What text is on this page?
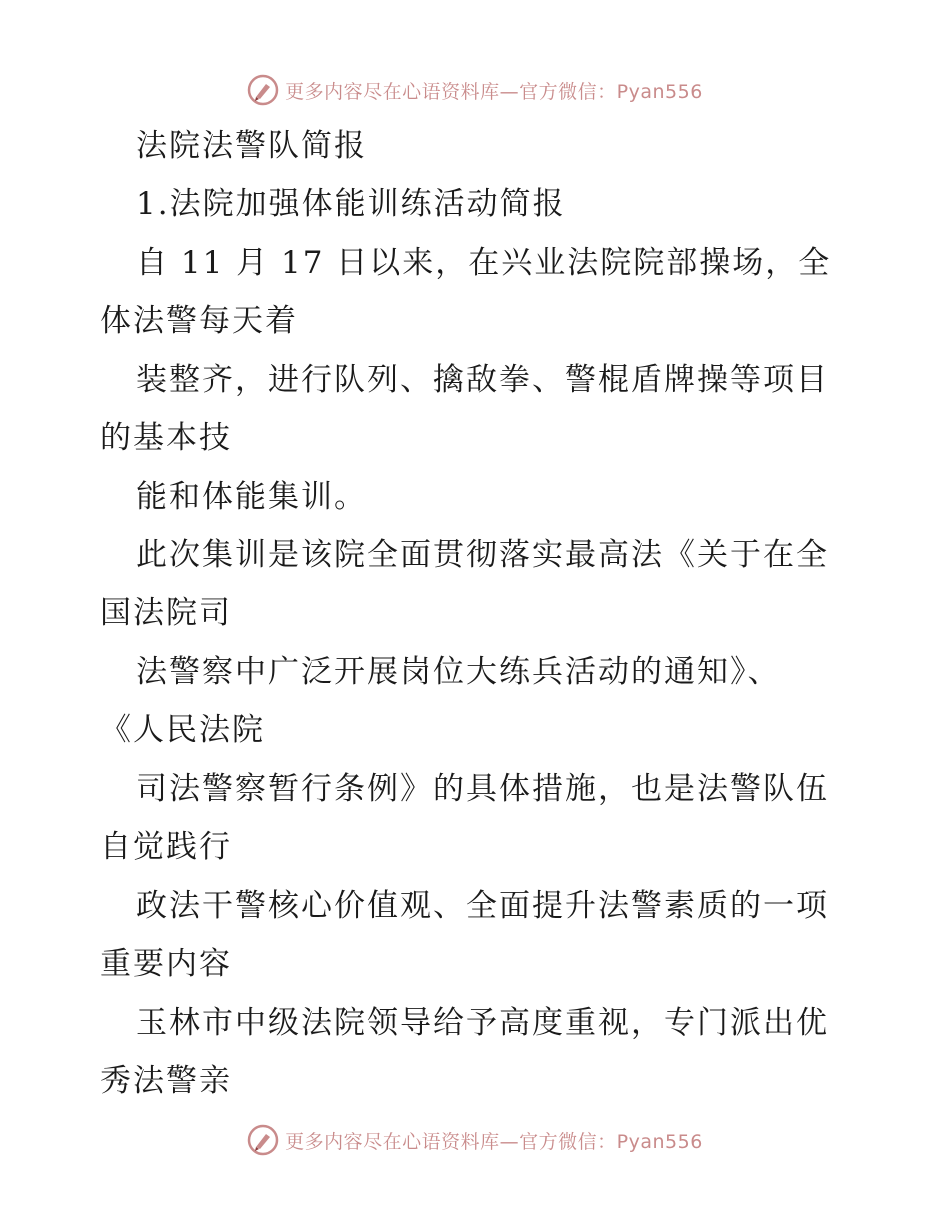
更多内容尽在心语资料库—官方微信：Pyan556
法院法警队简报
1.法院加强体能训练活动简报
自 11 月 17 日以来，在兴业法院院部操场，全
体法警每天着
装整齐，进行队列、擒敌拳、警棍盾牌操等项目
的基本技
能和体能集训。
此次集训是该院全面贯彻落实最高法《关于在全
国法院司
法警察中广泛开展岗位大练兵活动的通知》、
《人民法院
司法警察暂行条例》的具体措施，也是法警队伍
自觉践行
政法干警核心价值观、全面提升法警素质的一项
重要内容
玉林市中级法院领导给予高度重视，专门派出优
秀法警亲
更多内容尽在心语资料库—官方微信：Pyan556
